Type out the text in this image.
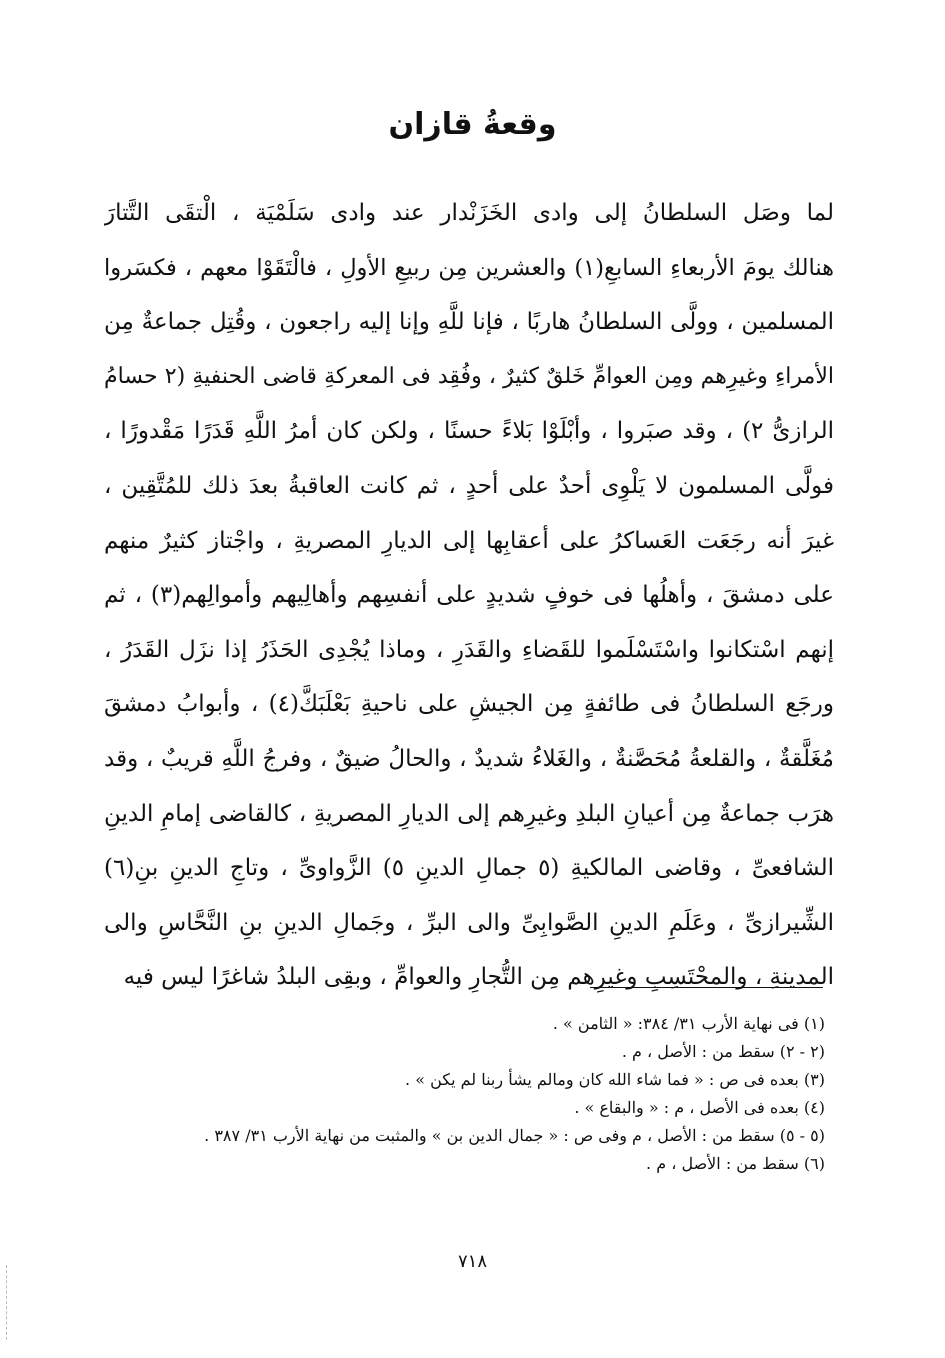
وقعةُ قازان
لما وصَل السلطانُ إلى وادى الخَزَنْدار عند وادى سَلَمْيَة ، الْتقَى التَّتارَ
هنالك يومَ الأربعاءِ السابعِ(١) والعشرين مِن ربيعِ الأولِ ، فالْتَقَوْا معهم ، فكسَروا
المسلمين ، وولَّى السلطانُ هاربًا ، فإنا للَّهِ وإنا إليه راجعون ، وقُتِل جماعةٌ مِن
الأمراءِ وغيرِهم ومِن العوامِّ خَلقٌ كثيرٌ ، وفُقِد فى المعركةِ قاضى الحنفيةِ (٢ حسامُ
الرازىُّ ٢) ، وقد صبَروا ، وأبْلَوْا بَلاءً حسنًا ، ولكن كان أمرُ اللَّهِ قَدَرًا مَقْدورًا ،
فولَّى المسلمون لا يَلْوِى أحدٌ على أحدٍ ، ثم كانت العاقبةُ بعدَ ذلك للمُتَّقِين ،
غيرَ أنه رجَعَت العَساكرُ على أعقابِها إلى الديارِ المصريةِ ، واجْتاز كثيرٌ منهم
على دمشقَ ، وأهلُها فى خوفٍ شديدٍ على أنفسِهم وأهالِيهم وأموالِهم(٣) ، ثم
إنهم اسْتكانوا واسْتَسْلَموا للقَضاءِ والقَدَرِ ، وماذا يُجْدِى الحَذَرُ إذا نزَل القَدَرُ ،
ورجَع السلطانُ فى طائفةٍ مِن الجيشِ على ناحيةِ بَعْلَبَكَّ(٤) ، وأبوابُ دمشقَ
مُغَلَّقةٌ ، والقلعةُ مُحَصَّنةٌ ، والغَلاءُ شديدٌ ، والحالُ ضيقٌ ، وفرجُ اللَّهِ قريبٌ ، وقد
هرَب جماعةٌ مِن أعيانِ البلدِ وغيرِهم إلى الديارِ المصريةِ ، كالقاضى إمامِ الدينِ
الشافعىِّ ، وقاضى المالكيةِ (٥ جمالِ الدينِ ٥) الزَّواوىِّ ، وتاجِ الدينِ بنِ(٦)
الشِّيرازىِّ ، وعَلَمِ الدينِ الصَّوابِىِّ والى البرِّ ، وجَمالِ الدينِ بنِ النَّحَّاسِ والى
المدينةِ ، والمحْتَسِبِ وغيرِهم مِن التُّجارِ والعوامِّ ، وبقِى البلدُ شاغرًا ليس فيه
(١) فى نهاية الأرب ٣١/ ٣٨٤: « الثامن » .
(٢ - ٢) سقط من : الأصل ، م .
(٣) بعده فى ص : « فما شاء الله كان ومالم يشأ ربنا لم يكن » .
(٤) بعده فى الأصل ، م : « والبقاع » .
(٥ - ٥) سقط من : الأصل ، م وفى ص : « جمال الدين بن » والمثبت من نهاية الأرب ٣١/ ٣٨٧ .
(٦) سقط من : الأصل ، م .
٧١٨
